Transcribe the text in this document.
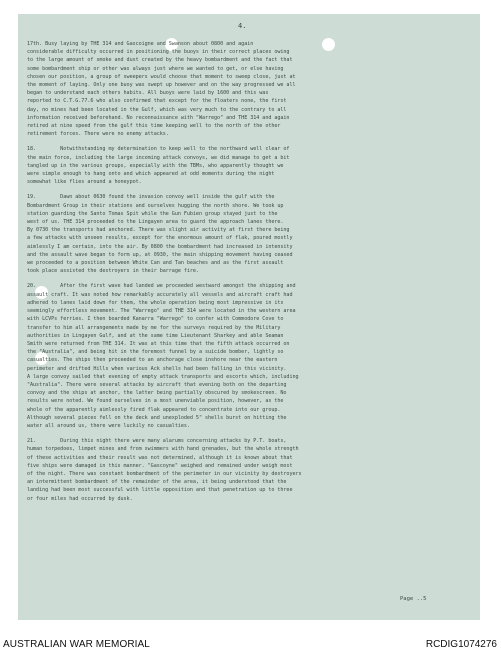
4.
17th. Busy laying by THE 314 and Gascoigne and Swanson about 0800 and again
considerable difficulty occurred in positioning the buoys in their correct places owing
to the large amount of smoke and dust created by the heavy bombardment and the fact that
some bombardment ship or other was always just where we wanted to get, or else having
chosen our position, a group of sweepers would choose that moment to sweep close, just at
the moment of laying. Only one buoy was swept up however and on the way progressed we all
began to understand each others habits. All buoys were laid by 1600 and this was
reported to C.T.G.77.6 who also confirmed that except for the floaters none, the first
day, no mines had been located in the Gulf, which was very much to the contrary to all
information received beforehand. No reconnaissance with "Warrego" and THE 314 and again
retired at nine speed from the gulf this time keeping well to the north of the other
retirement forces. There were no enemy attacks.
18.        Notwithstanding my determination to keep well to the northward well clear of
the main force, including the large incoming attack convoys, we did manage to get a bit
tangled up in the various groups, especially with the TBMs, who apparently thought we
were simple enough to hang onto and which appeared at odd moments during the night
somewhat like flies around a honeypot.
19.        Dawn about 0630 found the invasion convoy well inside the gulf with the
Bombardment Group in their stations and ourselves hugging the north shore. We took up
station guarding the Santo Tomas Spit while the Gun Fubien group stayed just to the
west of us. THE 314 proceeded to the Lingayen area to guard the approach lanes there.
By 0730 the transports had anchored. There was slight air activity at first there being
a few attacks with unseen results, except for the enormous amount of flak, poured mostly
aimlessly I am certain, into the air. By 0800 the bombardment had increased in intensity
and the assault wave began to form up, at 0930, the main shipping movement having ceased
we proceeded to a position between White Can and Tan beaches and as the first assault
took place assisted the destroyers in their barrage fire.
20.        After the first wave had landed we proceeded westward amongst the shipping and
assault craft. It was noted how remarkably accurately all vessels and aircraft craft had
adhered to lanes laid down for them, the whole operation being most impressive in its
seemingly effortless movement. The "Warrego" and THE 314 were located in the western area
with LCVPs ferries. I then boarded Kanarra "Warrego" to confer with Commodore Cove to
transfer to him all arrangements made by me for the surveys required by the Military
authorities in Lingayen Gulf, and at the same time Lieutenant Sharkey and able Seaman
Smith were returned from THE 314. It was at this time that the fifth attack occurred on
the "Australia", and being hit in the foremost funnel by a suicide bomber, lightly so
casualties. The ships then proceeded to an anchorage close inshore near the eastern
perimeter and drifted Hills when various Ack shells had been falling in this vicinity.
A large convoy sailed that evening of empty attack transports and escorts which, including
"Australia". There were several attacks by aircraft that evening both on the departing
convoy and the ships at anchor, the latter being partially obscured by smokescreen. No
results were noted. We found ourselves in a most unenviable position, however, as the
whole of the apparently aimlessly fired flak appeared to concentrate into our group.
Although several pieces fell on the deck and unexploded 5" shells burst on hitting the
water all around us, there were luckily no casualties.
21.        During this night there were many alarums concerning attacks by P.T. boats,
human torpedoes, limpet mines and from swimmers with hand grenades, but the whole strength
of these activities and their result was not determined, although it is known about that
five ships were damaged in this manner. "Gascoyne" weighed and remained under weigh most
of the night. There was constant bombardment of the perimeter in our vicinity by destroyers
an intermittent bombardment of the remainder of the area, it being understood that the
landing had been most successful with little opposition and that penetration up to three
or four miles had occurred by dusk.
Page ..5
AUSTRALIAN WAR MEMORIAL	RCDIG1074276
